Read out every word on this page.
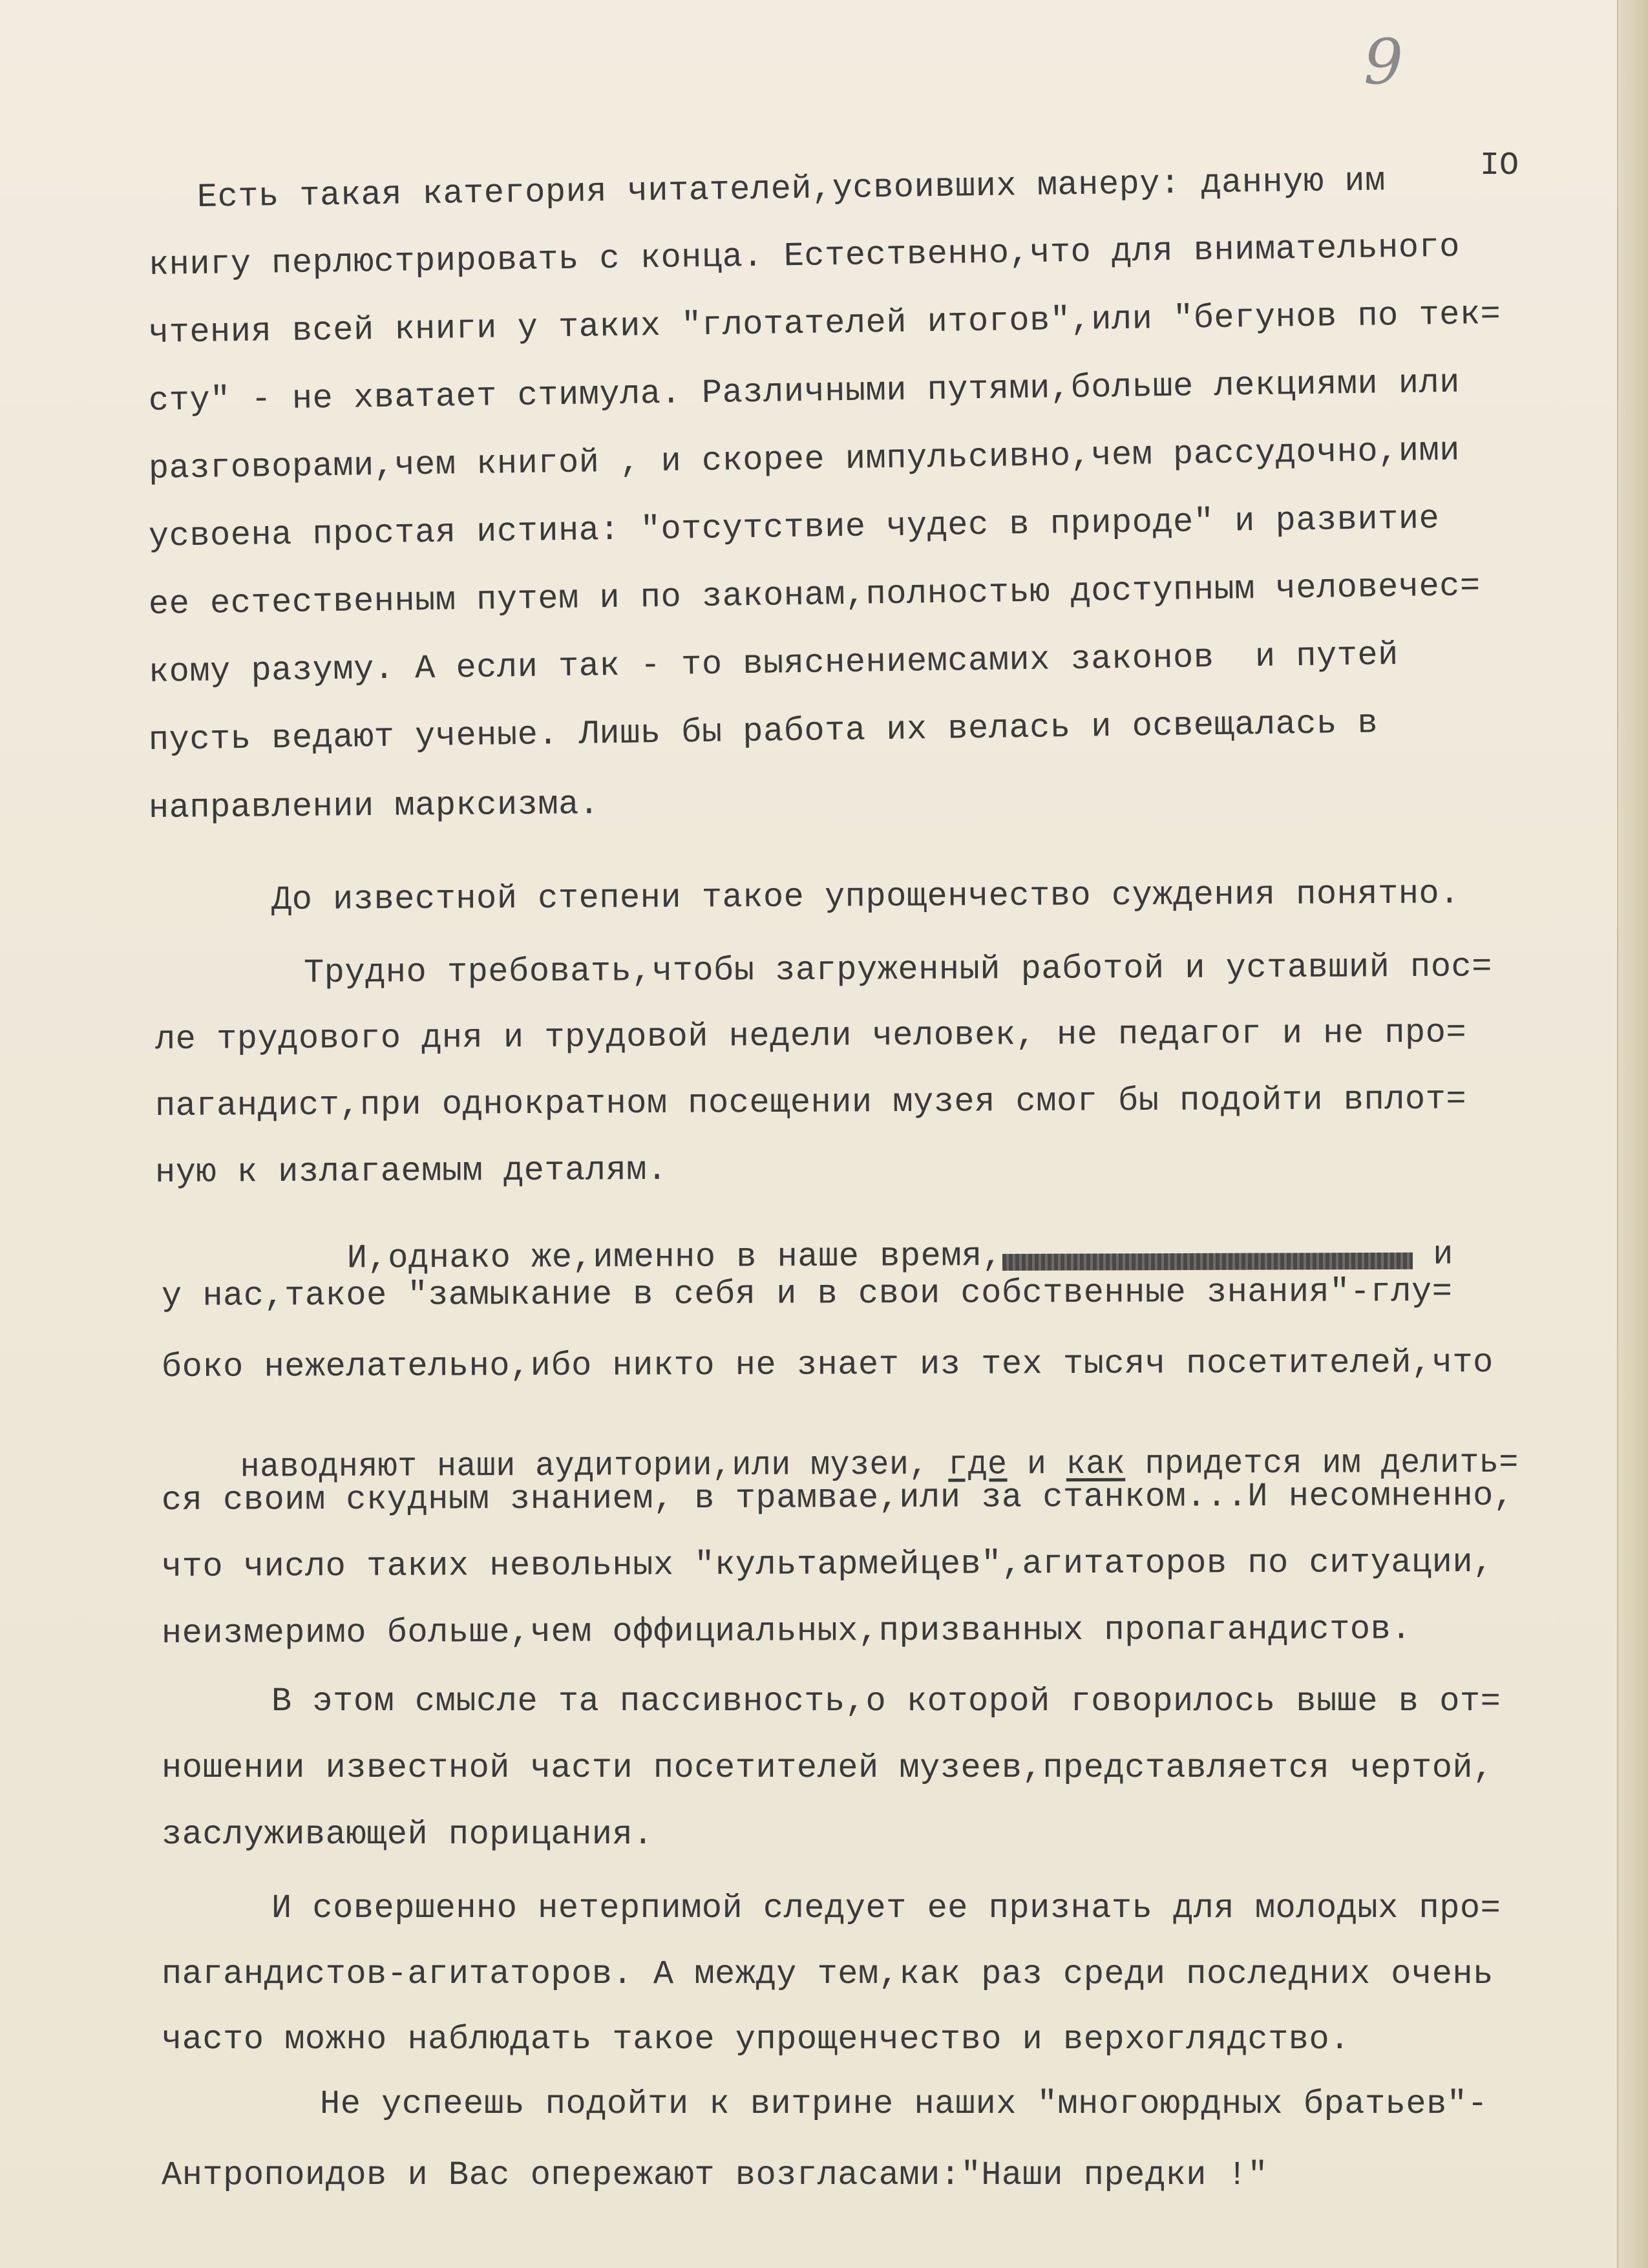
9
IO
Есть такая категория читателей,усвоивших манеру: данную им
книгу перлюстрировать с конца. Естественно,что для внимательного
чтения всей книги у таких "глотателей итогов",или "бегунов по тек=
сту" - не хватает стимула. Различными путями,больше лекциями или
разговорами,чем книгой , и скорее импульсивно,чем рассудочно,ими
усвоена простая истина: "отсутствие чудес в природе" и развитие
ее естественным путем и по законам,полностью доступным человечес=
кому разуму. А если так - то выяснениемсамих законов  и путей
пусть ведают ученые. Лишь бы работа их велась и освещалась в
направлении марксизма.
До известной степени такое упрощенчество суждения понятно.
Трудно требовать,чтобы загруженный работой и уставший пос=
ле трудового дня и трудовой недели человек, не педагог и не про=
пагандист,при однократном посещении музея смог бы подойти вплот=
ную к излагаемым деталям.

И,однако же,именно в наше время,	и

у нас,такое "замыкание в себя и в свои собственные знания"-глу=
боко нежелательно,ибо никто не знает из тех тысяч посетителей,что

наводняют наши аудитории,или музеи, где и как придется им делить=

ся своим скудным знанием, в трамвае,или за станком...И несомненно,
что число таких невольных "культармейцев",агитаторов по ситуации,
неизмеримо больше,чем оффициальных,призванных пропагандистов.
В этом смысле та пассивность,о которой говорилось выше в от=
ношении известной части посетителей музеев,представляется чертой,
заслуживающей порицания.
И совершенно нетерпимой следует ее признать для молодых про=
пагандистов-агитаторов. А между тем,как раз среди последних очень
часто можно наблюдать такое упрощенчество и верхоглядство.
Не успеешь подойти к витрине наших "многоюрдных братьев"-
Антропоидов и Вас опережают возгласами:"Наши предки !"
